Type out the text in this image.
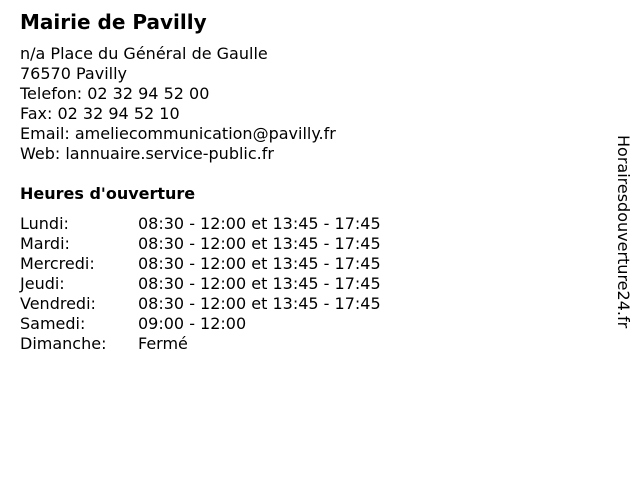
Mairie de Pavilly
n/a Place du Général de Gaulle
76570 Pavilly
Telefon: 02 32 94 52 00
Fax: 02 32 94 52 10
Email: ameliecommunication@pavilly.fr
Web: lannuaire.service-public.fr
Heures d'ouverture
Lundi:	08:30 - 12:00 et 13:45 - 17:45
Mardi:	08:30 - 12:00 et 13:45 - 17:45
Mercredi:	08:30 - 12:00 et 13:45 - 17:45
Jeudi:	08:30 - 12:00 et 13:45 - 17:45
Vendredi:	08:30 - 12:00 et 13:45 - 17:45
Samedi:	09:00 - 12:00
Dimanche:	Fermé
Horairesdouverture24.fr
